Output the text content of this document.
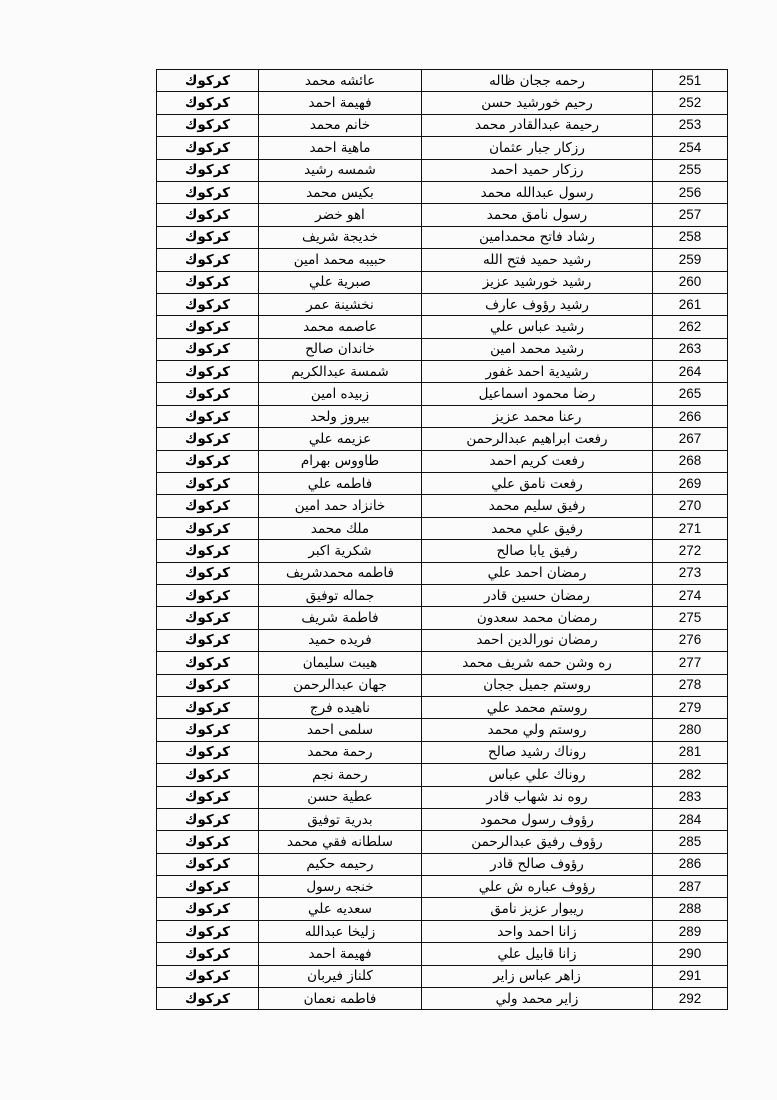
كركوك	عائشه محمد	رحمه ججان ظاله	251
كركوك	فهيمة احمد	رحيم خورشيد حسن	252
كركوك	خانم محمد	رحيمة عبدالقادر محمد	253
كركوك	ماهية احمد	رزكار جبار عثمان	254
كركوك	شمسه رشيد	رزكار حميد احمد	255
كركوك	بكيس محمد	رسول عبدالله محمد	256
كركوك	اهو خضر	رسول نامق محمد	257
كركوك	خديجة شريف	رشاد فاتح محمدامين	258
كركوك	حبيبه محمد امين	رشيد حميد فتح الله	259
كركوك	صبرية علي	رشيد خورشيد عزيز	260
كركوك	نخشينة عمر	رشيد رؤوف عارف	261
كركوك	عاصمه محمد	رشيد عباس علي	262
كركوك	خاندان صالح	رشيد محمد امين	263
كركوك	شمسة عبدالكريم	رشيدية احمد غفور	264
كركوك	زبيده امين	رضا محمود اسماعيل	265
كركوك	بيروز ولحد	رعنا محمد عزيز	266
كركوك	عزيمه علي	رفعت ابراهيم عبدالرحمن	267
كركوك	طاووس بهرام	رفعت كريم احمد	268
كركوك	فاطمه علي	رفعت نامق علي	269
كركوك	خانزاد حمد امين	رفيق سليم محمد	270
كركوك	ملك محمد	رفيق علي محمد	271
كركوك	شكرية اكبر	رفيق يابا صالح	272
كركوك	فاطمه محمدشريف	رمضان احمد علي	273
كركوك	جماله توفيق	رمضان حسين قادر	274
كركوك	فاطمة شريف	رمضان محمد سعدون	275
كركوك	فريده حميد	رمضان نورالدين احمد	276
كركوك	هيبت سليمان	ره وشن حمه شريف محمد	277
كركوك	جهان عبدالرحمن	روستم جميل ججان	278
كركوك	ناهيده فرج	روستم محمد علي	279
كركوك	سلمى احمد	روستم ولي محمد	280
كركوك	رحمة محمد	روناك رشيد صالح	281
كركوك	رحمة نجم	روناك علي عباس	282
كركوك	عطية حسن	روه ند شهاب قادر	283
كركوك	بدرية توفيق	رؤوف رسول محمود	284
كركوك	سلطانه فقي محمد	رؤوف رفيق عبدالرحمن	285
كركوك	رحيمه حكيم	رؤوف صالح قادر	286
كركوك	خنجه رسول	رؤوف عباره ش علي	287
كركوك	سعديه علي	ريبوار عزيز نامق	288
كركوك	زليخا عبدالله	زانا احمد واحد	289
كركوك	فهيمة احمد	زانا قابيل علي	290
كركوك	كلناز فيربان	زاهر عباس زاير	291
كركوك	فاطمه نعمان	زاير محمد ولي	292
